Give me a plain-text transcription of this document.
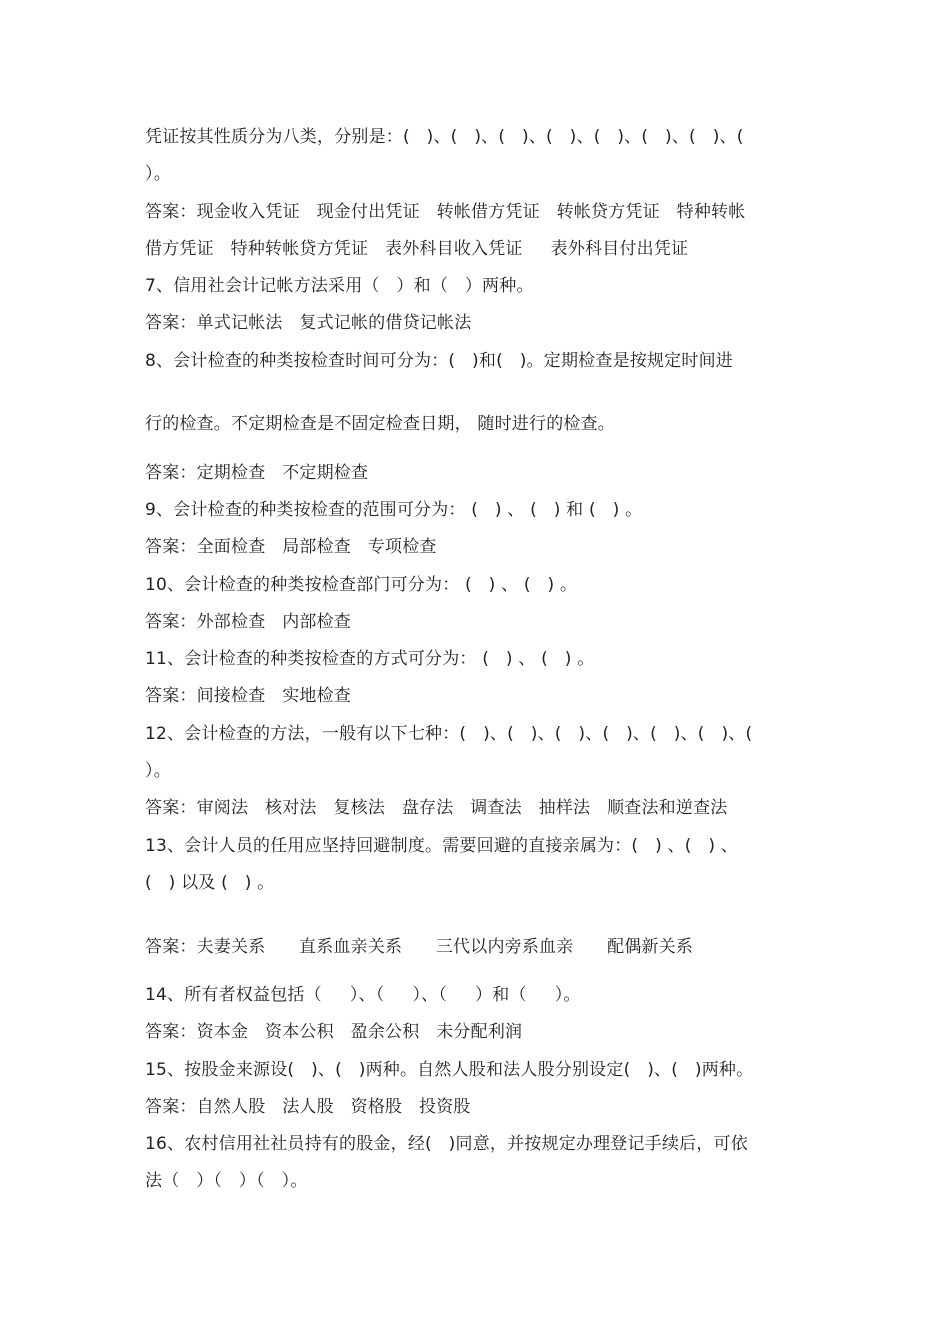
凭证按其性质分为八类，分别是：(   )、(   )、(   )、(   )、(   )、(   )、(   )、(
）。
答案：现金收入凭证   现金付出凭证   转帐借方凭证   转帐贷方凭证   特种转帐
借方凭证   特种转帐贷方凭证   表外科目收入凭证     表外科目付出凭证
7、信用社会计记帐方法采用（   ）和（   ）两种。
答案：单式记帐法   复式记帐的借贷记帐法
8、会计检查的种类按检查时间可分为：(   )和(   )。定期检查是按规定时间进
行的检查。不定期检查是不固定检查日期， 随时进行的检查。
答案：定期检查   不定期检查
9、会计检查的种类按检查的范围可分为： (   ) 、 (   ) 和 (   ) 。
答案：全面检查   局部检查   专项检查
10、会计检查的种类按检查部门可分为： (   ) 、 (   ) 。
答案：外部检查   内部检查
11、会计检查的种类按检查的方式可分为： (   ) 、 (   ) 。
答案：间接检查   实地检查
12、会计检查的方法，一般有以下七种：(   )、(   )、(   )、(   )、(   )、(   )、(
）。
答案：审阅法   核对法   复核法   盘存法   调查法   抽样法   顺查法和逆查法
13、会计人员的任用应坚持回避制度。需要回避的直接亲属为：(   ) 、(   ) 、
(   ) 以及 (   ) 。
答案：夫妻关系      直系血亲关系      三代以内旁系血亲      配偶新关系
14、所有者权益包括（     ）、（     ）、（     ）和（     ）。
答案：资本金   资本公积   盈余公积   未分配利润
15、按股金来源设(   )、(   )两种。自然人股和法人股分别设定(   )、(   )两种。
答案：自然人股   法人股   资格股   投资股
16、农村信用社社员持有的股金，经(   )同意，并按规定办理登记手续后，可依
法（   ）（   ）（   ）。
